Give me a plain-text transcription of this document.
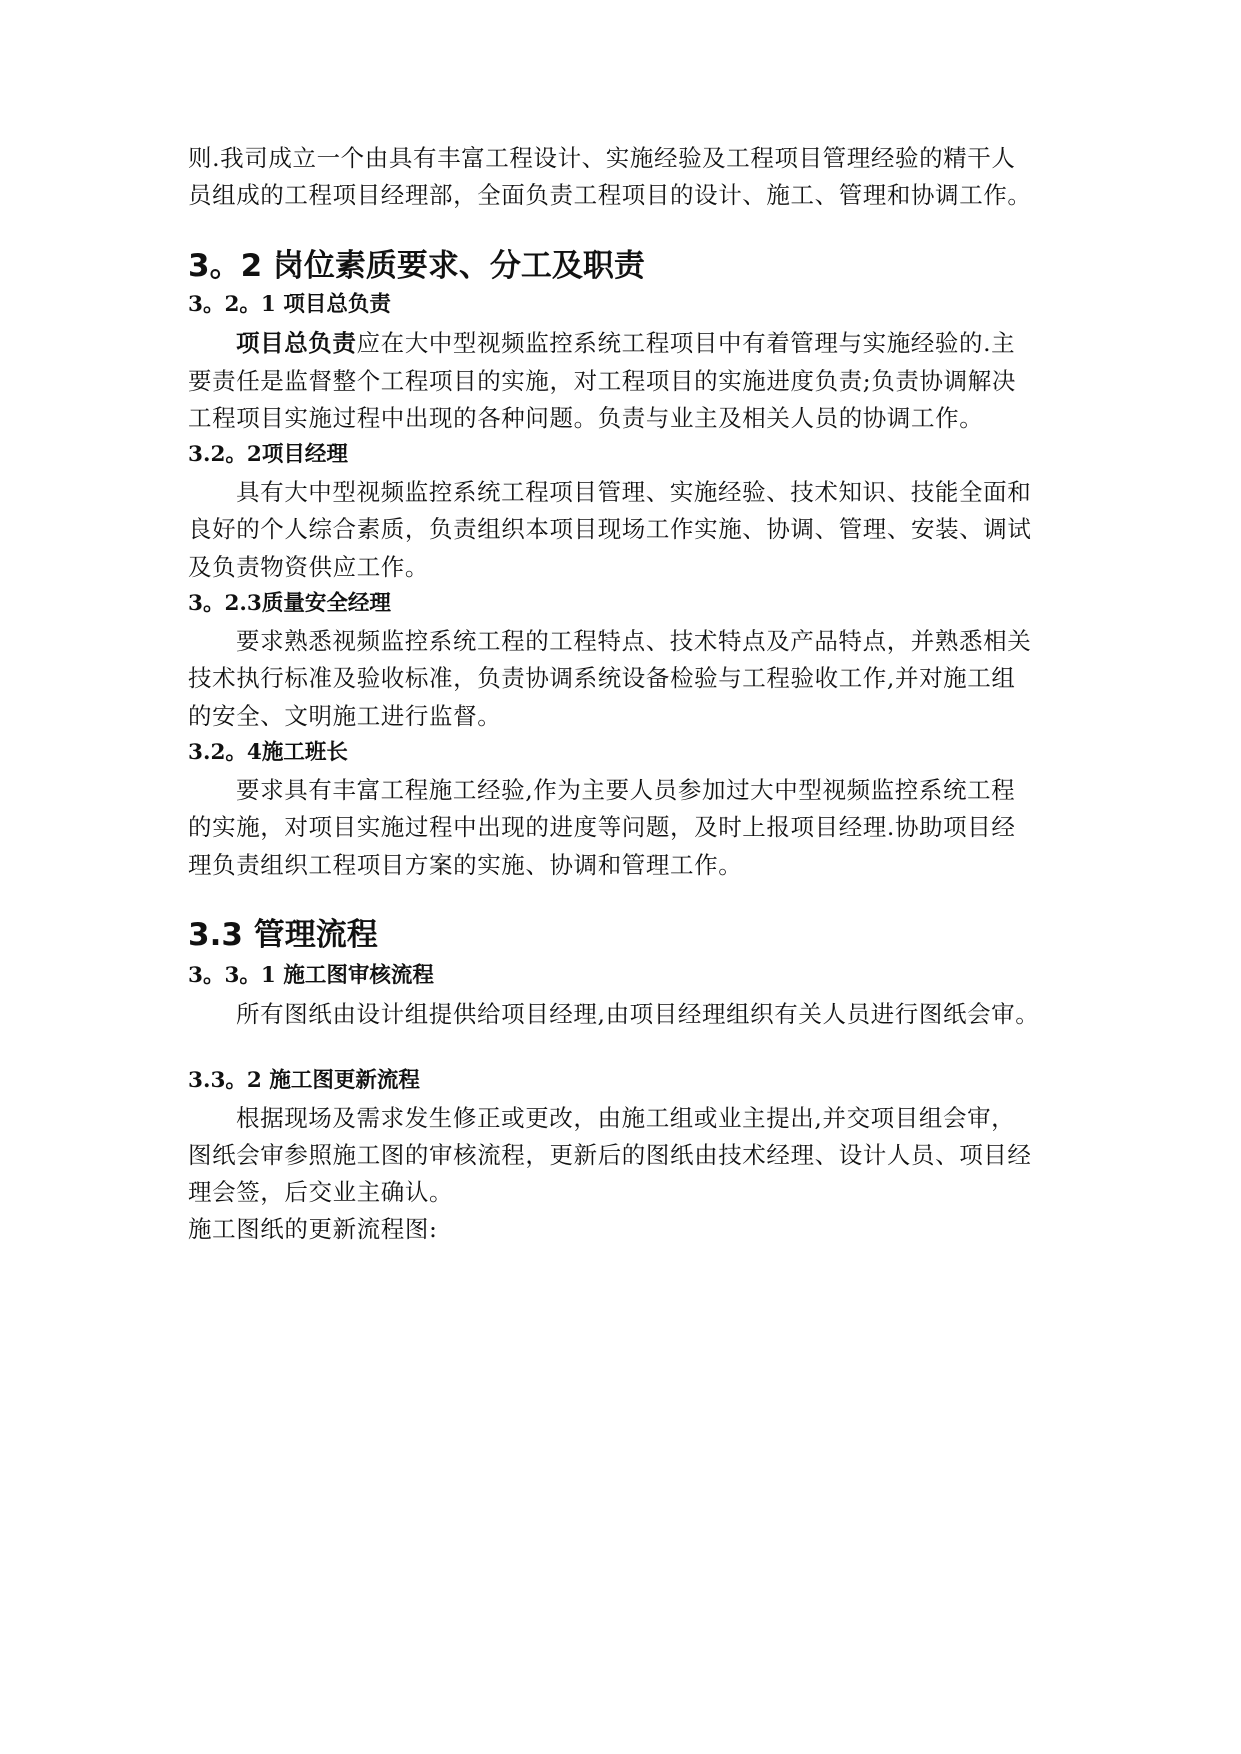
则.我司成立一个由具有丰富工程设计、实施经验及工程项目管理经验的精干人
员组成的工程项目经理部，全面负责工程项目的设计、施工、管理和协调工作。
3。2 岗位素质要求、分工及职责
3。2。1 项目总负责
项目总负责应在大中型视频监控系统工程项目中有着管理与实施经验的.主
要责任是监督整个工程项目的实施，对工程项目的实施进度负责;负责协调解决
工程项目实施过程中出现的各种问题。负责与业主及相关人员的协调工作。
3.2。2项目经理
具有大中型视频监控系统工程项目管理、实施经验、技术知识、技能全面和
良好的个人综合素质，负责组织本项目现场工作实施、协调、管理、安装、调试
及负责物资供应工作。
3。2.3质量安全经理
要求熟悉视频监控系统工程的工程特点、技术特点及产品特点，并熟悉相关
技术执行标准及验收标准，负责协调系统设备检验与工程验收工作,并对施工组
的安全、文明施工进行监督。
3.2。4施工班长
要求具有丰富工程施工经验,作为主要人员参加过大中型视频监控系统工程
的实施，对项目实施过程中出现的进度等问题，及时上报项目经理.协助项目经
理负责组织工程项目方案的实施、协调和管理工作。
3.3 管理流程
3。3。1 施工图审核流程
所有图纸由设计组提供给项目经理,由项目经理组织有关人员进行图纸会审。
3.3。2 施工图更新流程
根据现场及需求发生修正或更改，由施工组或业主提出,并交项目组会审，
图纸会审参照施工图的审核流程，更新后的图纸由技术经理、设计人员、项目经
理会签，后交业主确认。
施工图纸的更新流程图:
